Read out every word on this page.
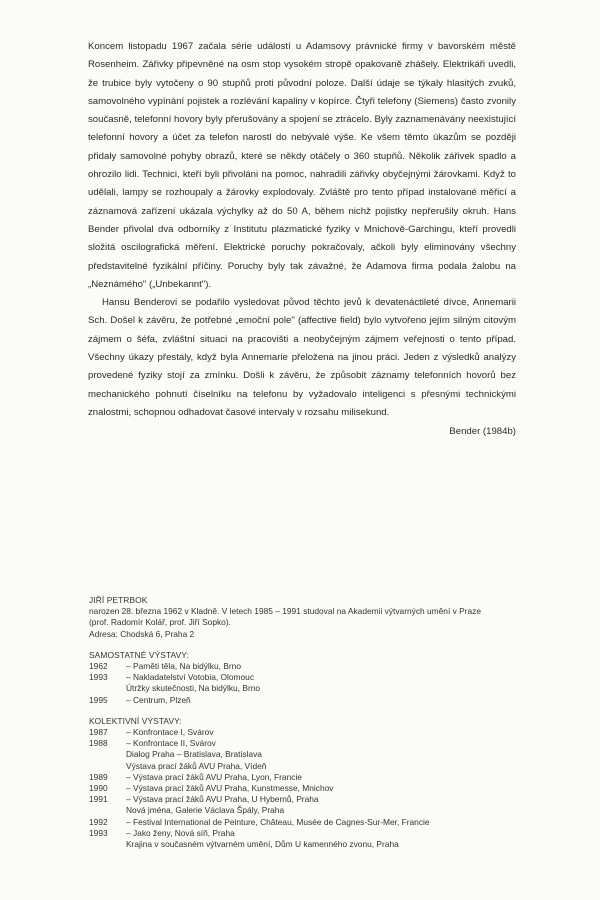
Koncem listopadu 1967 začala série událostí u Adamsovy právnické firmy v bavorském městě Rosenheim. Zářivky připevněné na osm stop vysokém stropě opakovaně zhášely. Elektrikáři uvedli, že trubice byly vytočeny o 90 stupňů proti původní poloze. Další údaje se týkaly hlasitých zvuků, samovolného vypínání pojistek a rozlévání kapaliny v kopírce. Čtyři telefony (Siemens) často zvonily současně, telefonní hovory byly přerušovány a spojení se ztrácelo. Byly zaznamenávány neexistující telefonní hovory a účet za telefon narostl do nebývalé výše. Ke všem těmto úkazům se později přidaly samovolné pohyby obrazů, které se někdy otáčely o 360 stupňů. Několik zářivek spadlo a ohrozilo lidi. Technici, kteří byli přivoláni na pomoc, nahradili zářivky obyčejnými žárovkami. Když to udělali, lampy se rozhoupaly a žárovky explodovaly. Zvláště pro tento případ instalované měřicí a záznamová zařízení ukázala výchylky až do 50 A, během nichž pojistky nepřerušily okruh. Hans Bender přivolal dva odborníky z Institutu plazmatické fyziky v Mnichově-Garchingu, kteří provedli složitá oscilografická měření. Elektrické poruchy pokračovaly, ačkoli byly eliminovány všechny představitelné fyzikální příčiny. Poruchy byly tak závažné, že Adamova firma podala žalobu na „Neznámého" („Unbekannt").

Hansu Benderovi se podařilo vysledovat původ těchto jevů k devatenáctileté dívce, Annemarii Sch. Došel k závěru, že potřebné „emoční pole" (affective field) bylo vytvořeno jejím silným citovým zájmem o šéfa, zvláštní situaci na pracovišti a neobyčejným zájmem veřejnosti o tento případ. Všechny úkazy přestaly, když byla Annemarie přeložena na jinou práci. Jeden z výsledků analýzy provedené fyziky stojí za zmínku. Došli k závěru, že způsobit záznamy telefonních hovorů bez mechanického pohnutí číselníku na telefonu by vyžadovalo inteligenci s přesnými technickými znalostmi, schopnou odhadovat časové intervaly v rozsahu milisekund.

Bender (1984b)

JIŘÍ PETRBOK

narozen 28. března 1962 v Kladně. V letech 1985 – 1991 studoval na Akademii výtvarných umění v Praze

(prof. Radomír Kolář, prof. Jiří Sopko).

Adresa: Chodská 6, Praha 2

SAMOSTATNÉ VÝSTAVY:

1962	– Paměti těla, Na bidýlku, Brno
1993	– Nakladatelství Votobia, Olomouc
Útržky skutečnosti, Na bidýlku, Brno
1995	– Centrum, Plzeň

KOLEKTIVNÍ VÝSTAVY:

1987	– Konfrontace I, Svárov
1988	– Konfrontace II, Svárov
Dialog Praha – Bratislava, Bratislava
Výstava prací žáků AVU Praha, Vídeň
1989	– Výstava prací žáků AVU Praha, Lyon, Francie
1990	– Výstava prací žáků AVU Praha, Kunstmesse, Mnichov
1991	– Výstava prací žáků AVU Praha, U Hybernů, Praha
Nová jména, Galerie Václava Špály, Praha
1992	– Festival International de Peinture, Château, Musée de Cagnes-Sur-Mer, Francie
1993	– Jako ženy, Nová síň, Praha
Krajina v současném výtvarném umění, Dům U kamenného zvonu, Praha
